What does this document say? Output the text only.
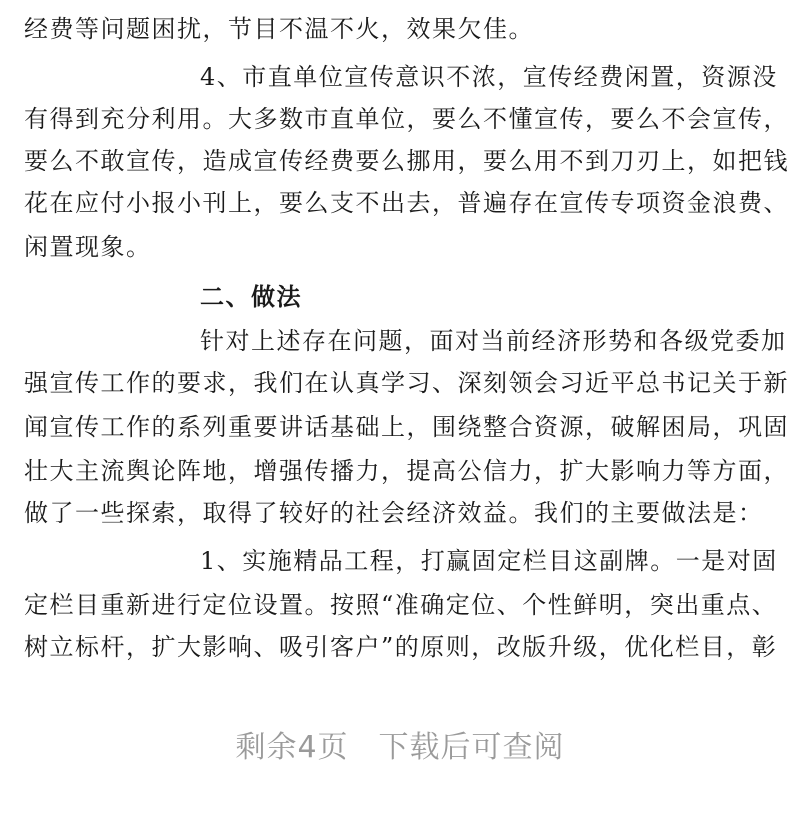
经费等问题困扰，节目不温不火，效果欠佳。
4、市直单位宣传意识不浓，宣传经费闲置，资源没
有得到充分利用。大多数市直单位，要么不懂宣传，要么不会宣传，
要么不敢宣传，造成宣传经费要么挪用，要么用不到刀刃上，如把钱
花在应付小报小刊上，要么支不出去，普遍存在宣传专项资金浪费、
闲置现象。
二、做法
针对上述存在问题，面对当前经济形势和各级党委加
强宣传工作的要求，我们在认真学习、深刻领会习近平总书记关于新
闻宣传工作的系列重要讲话基础上，围绕整合资源，破解困局，巩固
壮大主流舆论阵地，增强传播力，提高公信力，扩大影响力等方面，
做了一些探索，取得了较好的社会经济效益。我们的主要做法是：
1、实施精品工程，打赢固定栏目这副牌。一是对固
定栏目重新进行定位设置。按照“准确定位、个性鲜明，突出重点、
树立标杆，扩大影响、吸引客户”的原则，改版升级，优化栏目，彰
剩余4页 下载后可查阅
